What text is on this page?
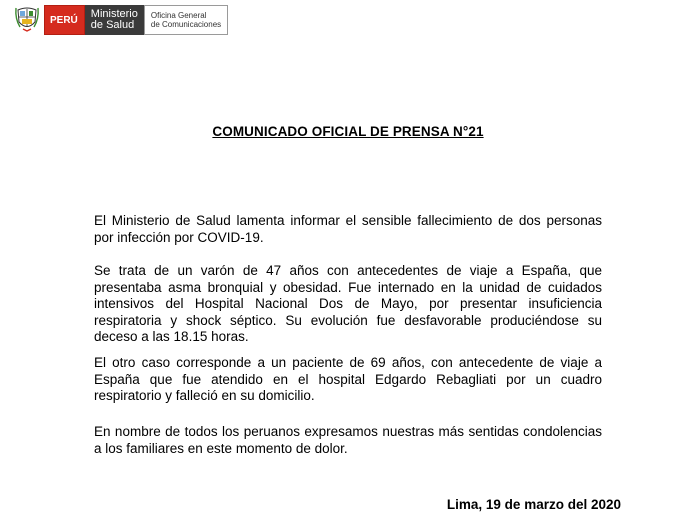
PERÚ Ministerio
de Salud
Oficina General
de Comunicaciones
COMUNICADO OFICIAL DE PRENSA N°21

El Ministerio de Salud lamenta informar el sensible fallecimiento de dos personas por infección por COVID-19.

Se trata de un varón de 47 años con antecedentes de viaje a España, que presentaba asma bronquial y obesidad. Fue internado en la unidad de cuidados intensivos del Hospital Nacional Dos de Mayo, por presentar insuficiencia respiratoria y shock séptico. Su evolución fue desfavorable produciéndose su deceso a las 18.15 horas.

El otro caso corresponde a un paciente de 69 años, con antecedente de viaje a España que fue atendido en el hospital Edgardo Rebagliati por un cuadro respiratorio y falleció en su domicilio.

En nombre de todos los peruanos expresamos nuestras más sentidas condolencias a los familiares en este momento de dolor.

Lima, 19 de marzo del 2020
